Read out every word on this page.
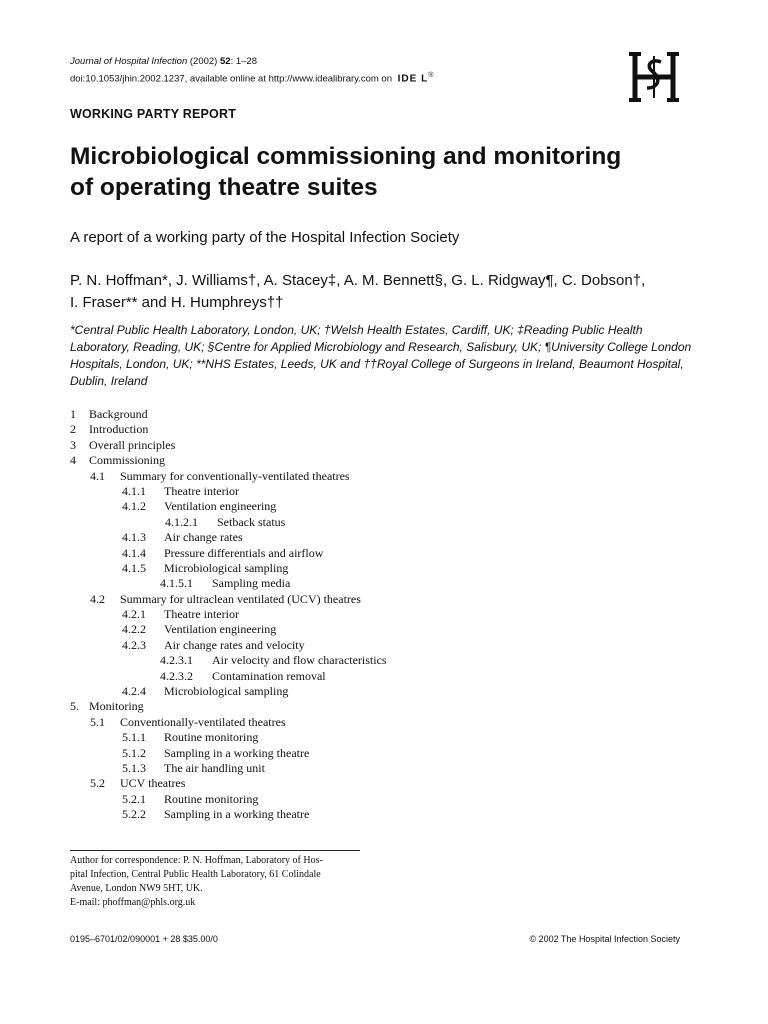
Journal of Hospital Infection (2002) 52: 1–28
doi:10.1053/jhin.2002.1237, available online at http://www.idealibrary.com on IDE L®
WORKING PARTY REPORT
Microbiological commissioning and monitoring
of operating theatre suites
A report of a working party of the Hospital Infection Society
P. N. Hoffman*, J. Williams†, A. Stacey‡, A. M. Bennett§, G. L. Ridgway¶, C. Dobson†,
I. Fraser** and H. Humphreys††
*Central Public Health Laboratory, London, UK; †Welsh Health Estates, Cardiff, UK; ‡Reading Public Health
Laboratory, Reading, UK; §Centre for Applied Microbiology and Research, Salisbury, UK; ¶University College London
Hospitals, London, UK; **NHS Estates, Leeds, UK and ††Royal College of Surgeons in Ireland, Beaumont Hospital,
Dublin, Ireland
1 Background
2 Introduction
3 Overall principles
4 Commissioning
4.1 Summary for conventionally-ventilated theatres
4.1.1 Theatre interior
4.1.2 Ventilation engineering
4.1.2.1 Setback status
4.1.3 Air change rates
4.1.4 Pressure differentials and airflow
4.1.5 Microbiological sampling
4.1.5.1 Sampling media
4.2 Summary for ultraclean ventilated (UCV) theatres
4.2.1 Theatre interior
4.2.2 Ventilation engineering
4.2.3 Air change rates and velocity
4.2.3.1 Air velocity and flow characteristics
4.2.3.2 Contamination removal
4.2.4 Microbiological sampling
5. Monitoring
5.1 Conventionally-ventilated theatres
5.1.1 Routine monitoring
5.1.2 Sampling in a working theatre
5.1.3 The air handling unit
5.2 UCV theatres
5.2.1 Routine monitoring
5.2.2 Sampling in a working theatre
Author for correspondence: P. N. Hoffman, Laboratory of Hos-
pital Infection, Central Public Health Laboratory, 61 Colindale
Avenue, London NW9 5HT, UK.
E-mail: phoffman@phls.org.uk
0195–6701/02/090001 + 28 $35.00/0	© 2002 The Hospital Infection Society
